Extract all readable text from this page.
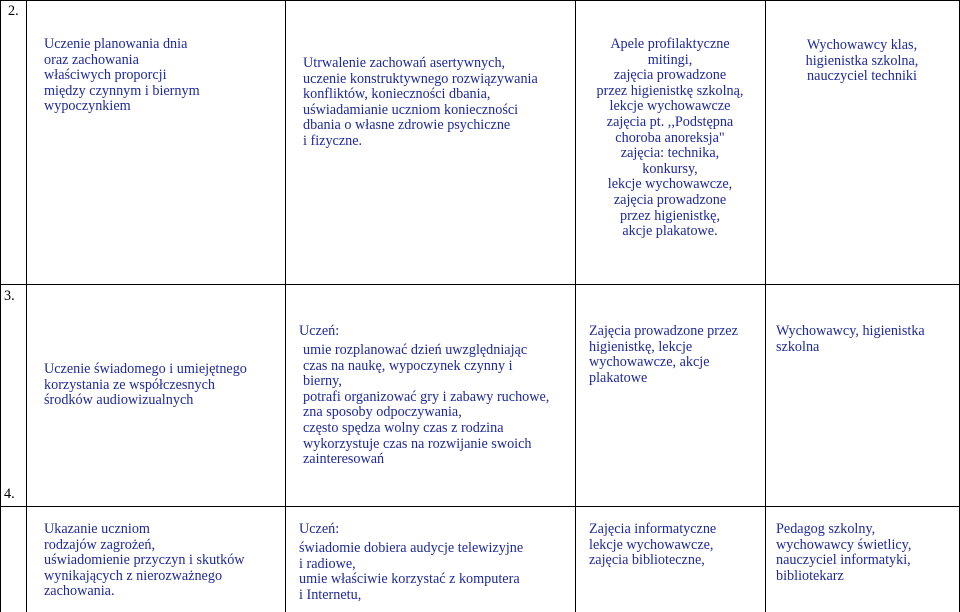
2.
Uczenie planowania dnia
oraz zachowania
właściwych proporcji
między czynnym i biernym
wypoczynkiem
Utrwalenie zachowań asertywnych,
uczenie konstruktywnego rozwiązywania
konfliktów, konieczności dbania,
uświadamianie uczniom konieczności
dbania o własne zdrowie psychiczne
i fizyczne.
Apele profilaktyczne
mitingi,
zajęcia prowadzone
przez higienistkę szkolną,
lekcje wychowawcze
zajęcia pt. ,,Podstępna
choroba anoreksja"
zajęcia: technika,
konkursy,
lekcje wychowawcze,
zajęcia prowadzone
przez higienistkę,
akcje plakatowe.
Wychowawcy klas,
higienistka szkolna,
nauczyciel techniki
3.
Uczenie świadomego i umiejętnego
korzystania ze współczesnych
środków audiowizualnych
Uczeń:
umie rozplanować dzień uwzględniając
czas na naukę, wypoczynek czynny i
bierny,
potrafi organizować gry i zabawy ruchowe,
zna sposoby odpoczywania,
często spędza wolny czas z rodzina
wykorzystuje czas na rozwijanie swoich
zainteresowań
Zajęcia prowadzone przez
higienistkę, lekcje
wychowawcze, akcje
plakatowe
Wychowawcy, higienistka
szkolna
4.
Ukazanie uczniom
rodzajów zagrożeń,
uświadomienie przyczyn i skutków
wynikających z nierozważnego
zachowania.
Uczeń:
świadomie dobiera audycje telewizyjne
i radiowe,
umie właściwie korzystać z komputera
i Internetu,
Zajęcia informatyczne
lekcje wychowawcze,
zajęcia biblioteczne,
Pedagog szkolny,
wychowawcy świetlicy,
nauczyciel informatyki,
bibliotekarz
